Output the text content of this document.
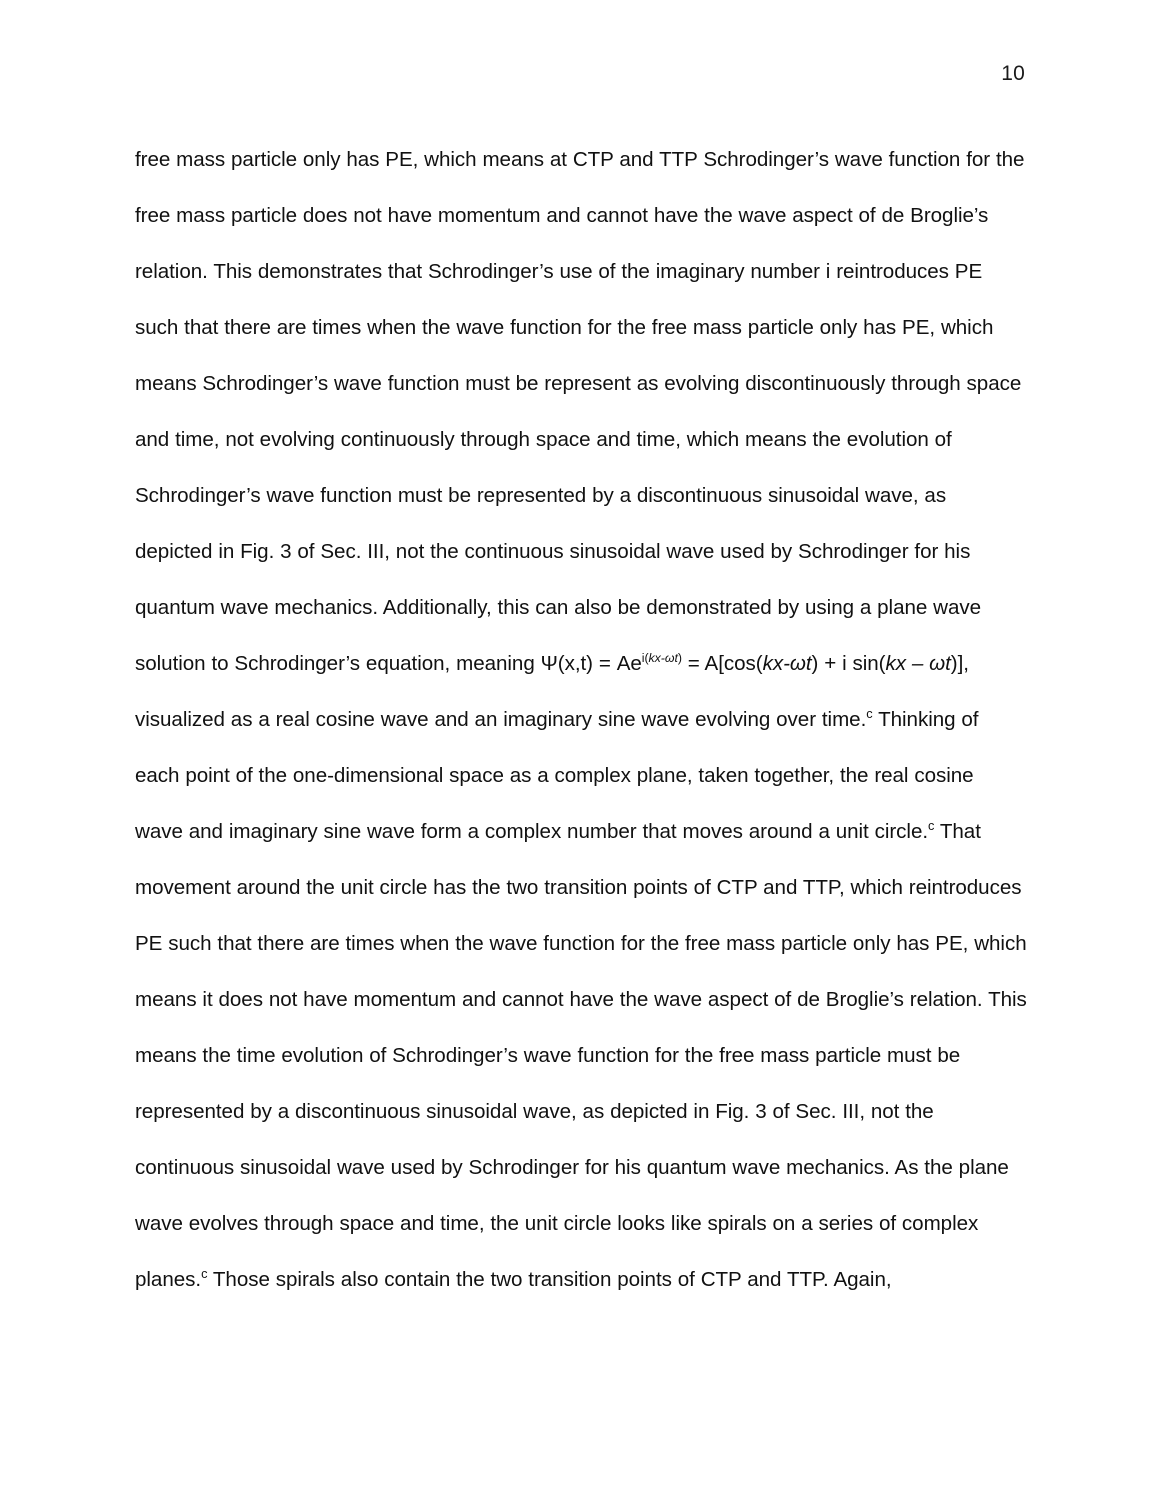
10

free mass particle only has PE, which means at CTP and TTP Schrodinger’s wave function for the free mass particle does not have momentum and cannot have the wave aspect of de Broglie’s relation. This demonstrates that Schrodinger’s use of the imaginary number i reintroduces PE such that there are times when the wave function for the free mass particle only has PE, which means Schrodinger’s wave function must be represent as evolving discontinuously through space and time, not evolving continuously through space and time, which means the evolution of Schrodinger’s wave function must be represented by a discontinuous sinusoidal wave, as depicted in Fig. 3 of Sec. III, not the continuous sinusoidal wave used by Schrodinger for his quantum wave mechanics. Additionally, this can also be demonstrated by using a plane wave solution to Schrodinger’s equation, meaning $\Psi(x,t) = Ae^{i(kx-\omega t)} = A[\cos(kx-\omega t) + i$ sin(kx – ωt)], visualized as a real cosine wave and an imaginary sine wave evolving over time.$^c$ Thinking of each point of the one-dimensional space as a complex plane, taken together, the real cosine wave and imaginary sine wave form a complex number that moves around a unit circle.$^c$ That movement around the unit circle has the two transition points of CTP and TTP, which reintroduces PE such that there are times when the wave function for the free mass particle only has PE, which means it does not have momentum and cannot have the wave aspect of de Broglie’s relation. This means the time evolution of Schrodinger’s wave function for the free mass particle must be represented by a discontinuous sinusoidal wave, as depicted in Fig. 3 of Sec. III, not the continuous sinusoidal wave used by Schrodinger for his quantum wave mechanics. As the plane wave evolves through space and time, the unit circle looks like spirals on a series of complex planes.$^c$ Those spirals also contain the two transition points of CTP and TTP. Again,
